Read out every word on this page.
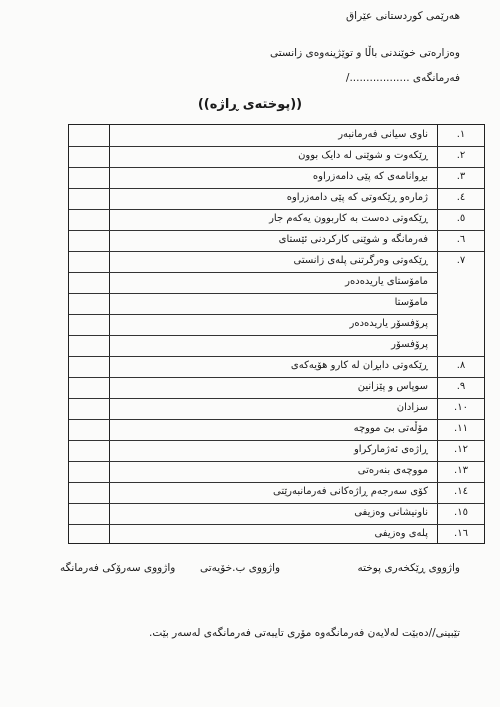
هەرێمی کوردستانی عێراق
وەزارەتی خوێندنی باڵا و توێژینەوەی زانستی
فەرمانگەی ................../
((پوختەی ڕاژە))
.١
ناوی سیانی فەرمانبەر
.٢
ڕێکەوت و شوێنی لە دایک بوون
.٣
بڕوانامەی کە پێی دامەزراوە
.٤
ژمارەو ڕێکەوتی کە پێی دامەزراوە
.٥
ڕێکەوتی دەست بە کاربوون یەکەم جار
.٦
فەرمانگە و شوێنی کارکردنی ئێستای
.٧
ڕێکەوتی وەرگرتنی پلەی زانستی
مامۆستای یاریدەدەر
مامۆستا
پرۆفسۆر یاریدەدەر
پرۆفسۆر
.٨
ڕێکەوتی دابڕان لە کارو هۆیەکەی
.٩
سوپاس و پێزانین
.١٠
سزادان
.١١
مۆڵەتی بێ مووچە
.١٢
ڕاژەی ئەژمارکراو
.١٣
مووچەی بنەرەتی
.١٤
کۆی سەرجەم ڕاژەکانی فەرمانبەرێتی
.١٥
ناونیشانی وەزیفی
.١٦
پلەی وەزیفی
واژووی ڕێکخەری پوختە
واژووی ب.خۆیەتی
واژووی سەرۆکی فەرمانگە
تێبینی//دەبێت لەلایەن فەرمانگەوە مۆری تایبەتی فەرمانگەی لەسەر بێت.
